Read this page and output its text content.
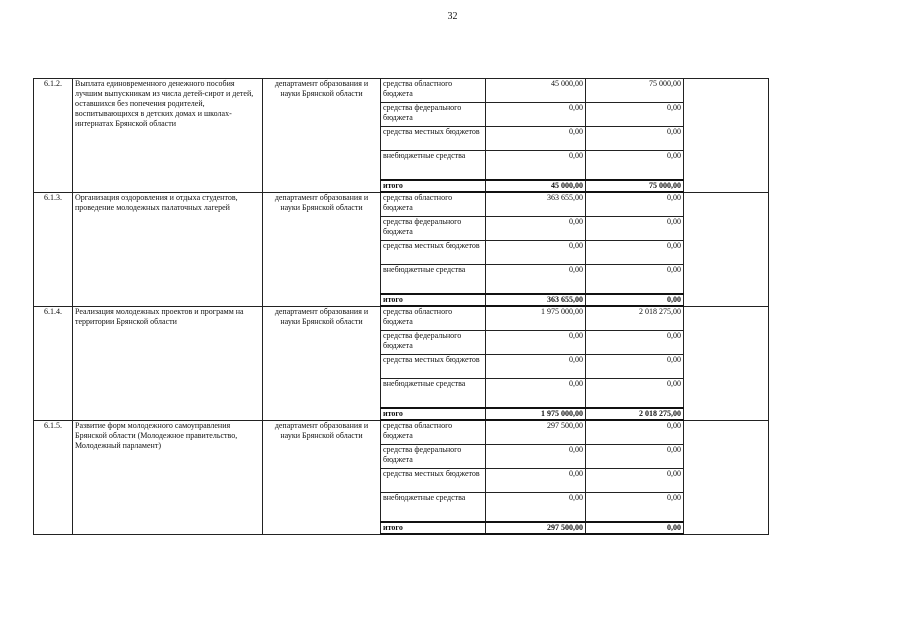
32
6.1.2.	Выплата единовременного денежного пособия лучшим выпускникам из числа детей-сирот и детей, оставшихся без попечения родителей, воспитывающихся в детских домах и школах-интернатах Брянской области	департамент образования и науки Брянской области	средства областного бюджета	45 000,00	75 000,00	
			средства федерального бюджета	0,00	0,00	
			средства местных бюджетов	0,00	0,00	
			внебюджетные средства	0,00	0,00	
			итого	45 000,00	75 000,00	
6.1.3.	Организация оздоровления и отдыха студентов, проведение молодежных палаточных лагерей	департамент образования и науки Брянской области	средства областного бюджета	363 655,00	0,00	
			средства федерального бюджета	0,00	0,00	
			средства местных бюджетов	0,00	0,00	
			внебюджетные средства	0,00	0,00	
			итого	363 655,00	0,00	
6.1.4.	Реализация молодежных проектов и программ на территории Брянской области	департамент образования и науки Брянской области	средства областного бюджета	1 975 000,00	2 018 275,00	
			средства федерального бюджета	0,00	0,00	
			средства местных бюджетов	0,00	0,00	
			внебюджетные средства	0,00	0,00	
			итого	1 975 000,00	2 018 275,00	
6.1.5.	Развитие форм молодежного самоуправления Брянской области (Молодежное правительство, Молодежный парламент)	департамент образования и науки Брянской области	средства областного бюджета	297 500,00	0,00	
			средства федерального бюджета	0,00	0,00	
			средства местных бюджетов	0,00	0,00	
			внебюджетные средства	0,00	0,00	
			итого	297 500,00	0,00	
